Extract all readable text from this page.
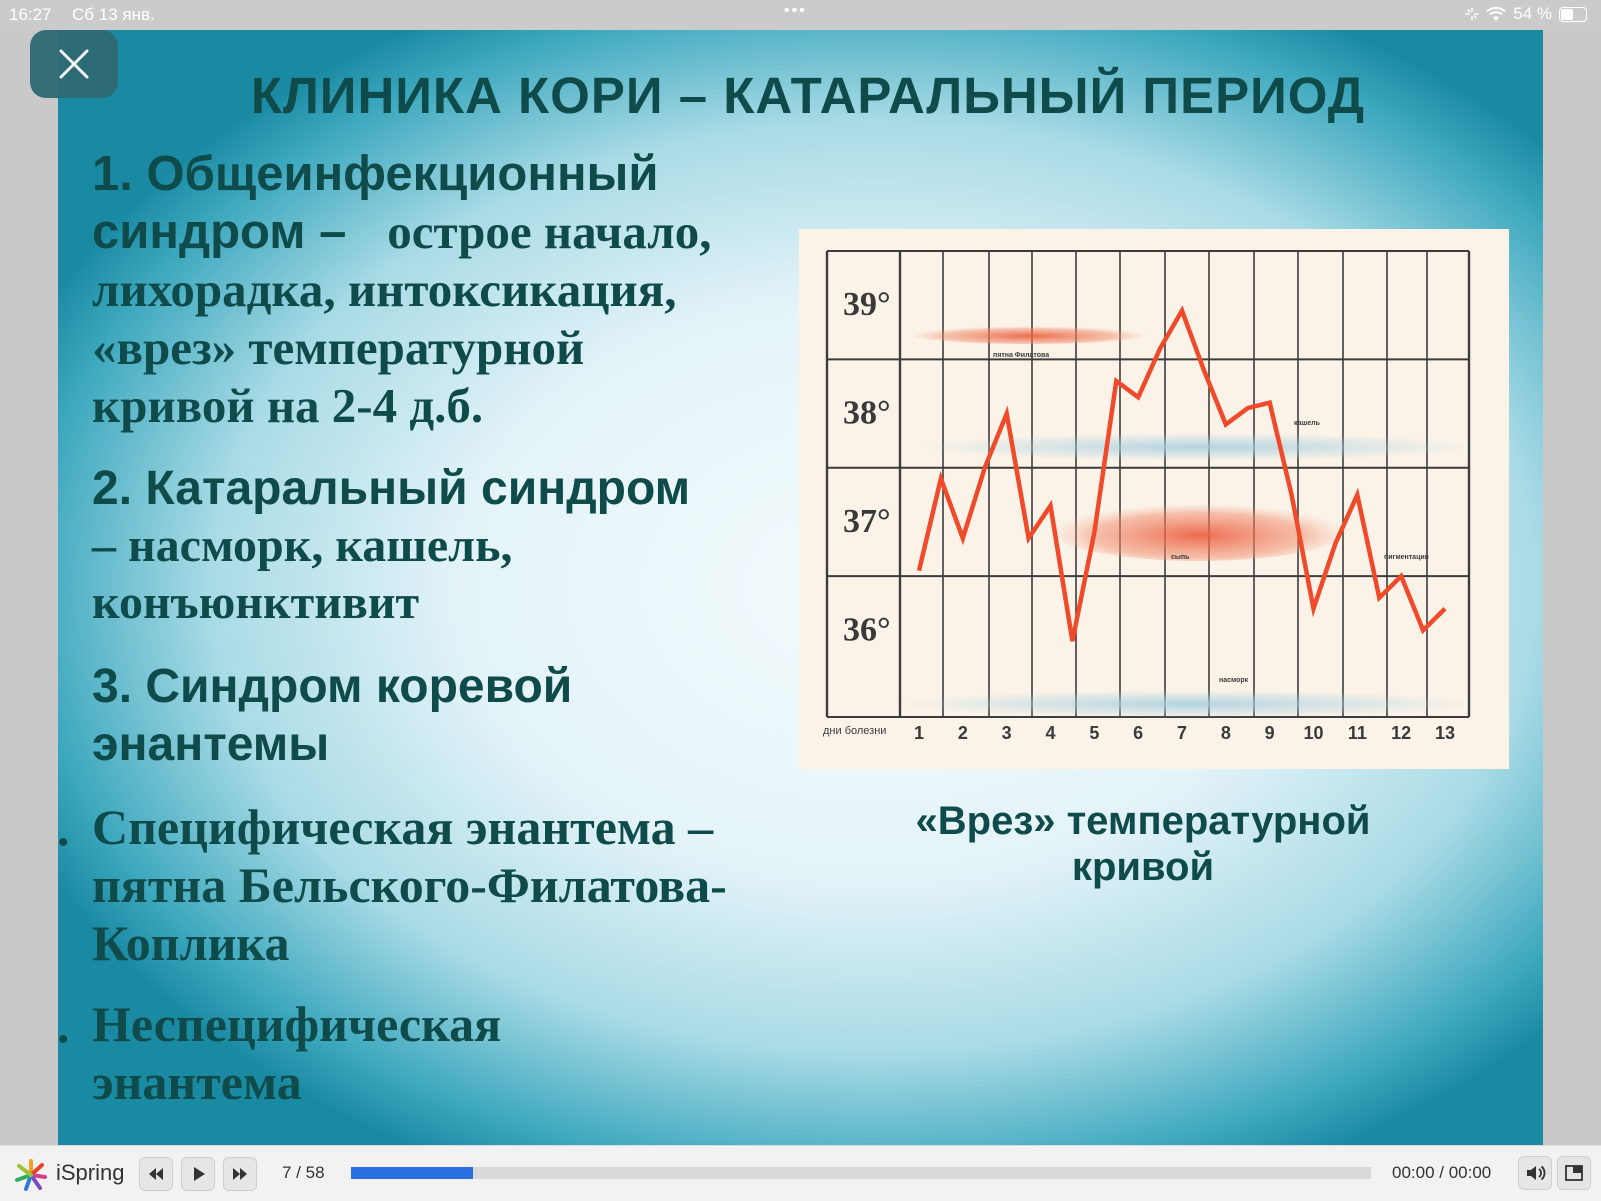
16:27 Сб 13 янв.	•••	54 %
КЛИНИКА КОРИ – КАТАРАЛЬНЫЙ ПЕРИОД
1. Общеинфекционный
синдром –   острое начало,
лихорадка, интоксикация,
«врез» температурной
кривой на 2-4 д.б.
2. Катаральный синдром
– насморк, кашель,
конъюнктивит
3. Синдром коревой
энантемы
• Специфическая энантема –
пятна Бельского-Филатова-
Коплика
• Неспецифическая
энантема
36°
37°
38°
39°
1 2 3 4 5 6 7 8 9 10 11 12 13
дни болезни
пятна Филатова
кашель
сыпь	пигментация
насморк
«Врез» температурной
кривой
iSpring	7 / 58	00:00 / 00:00
